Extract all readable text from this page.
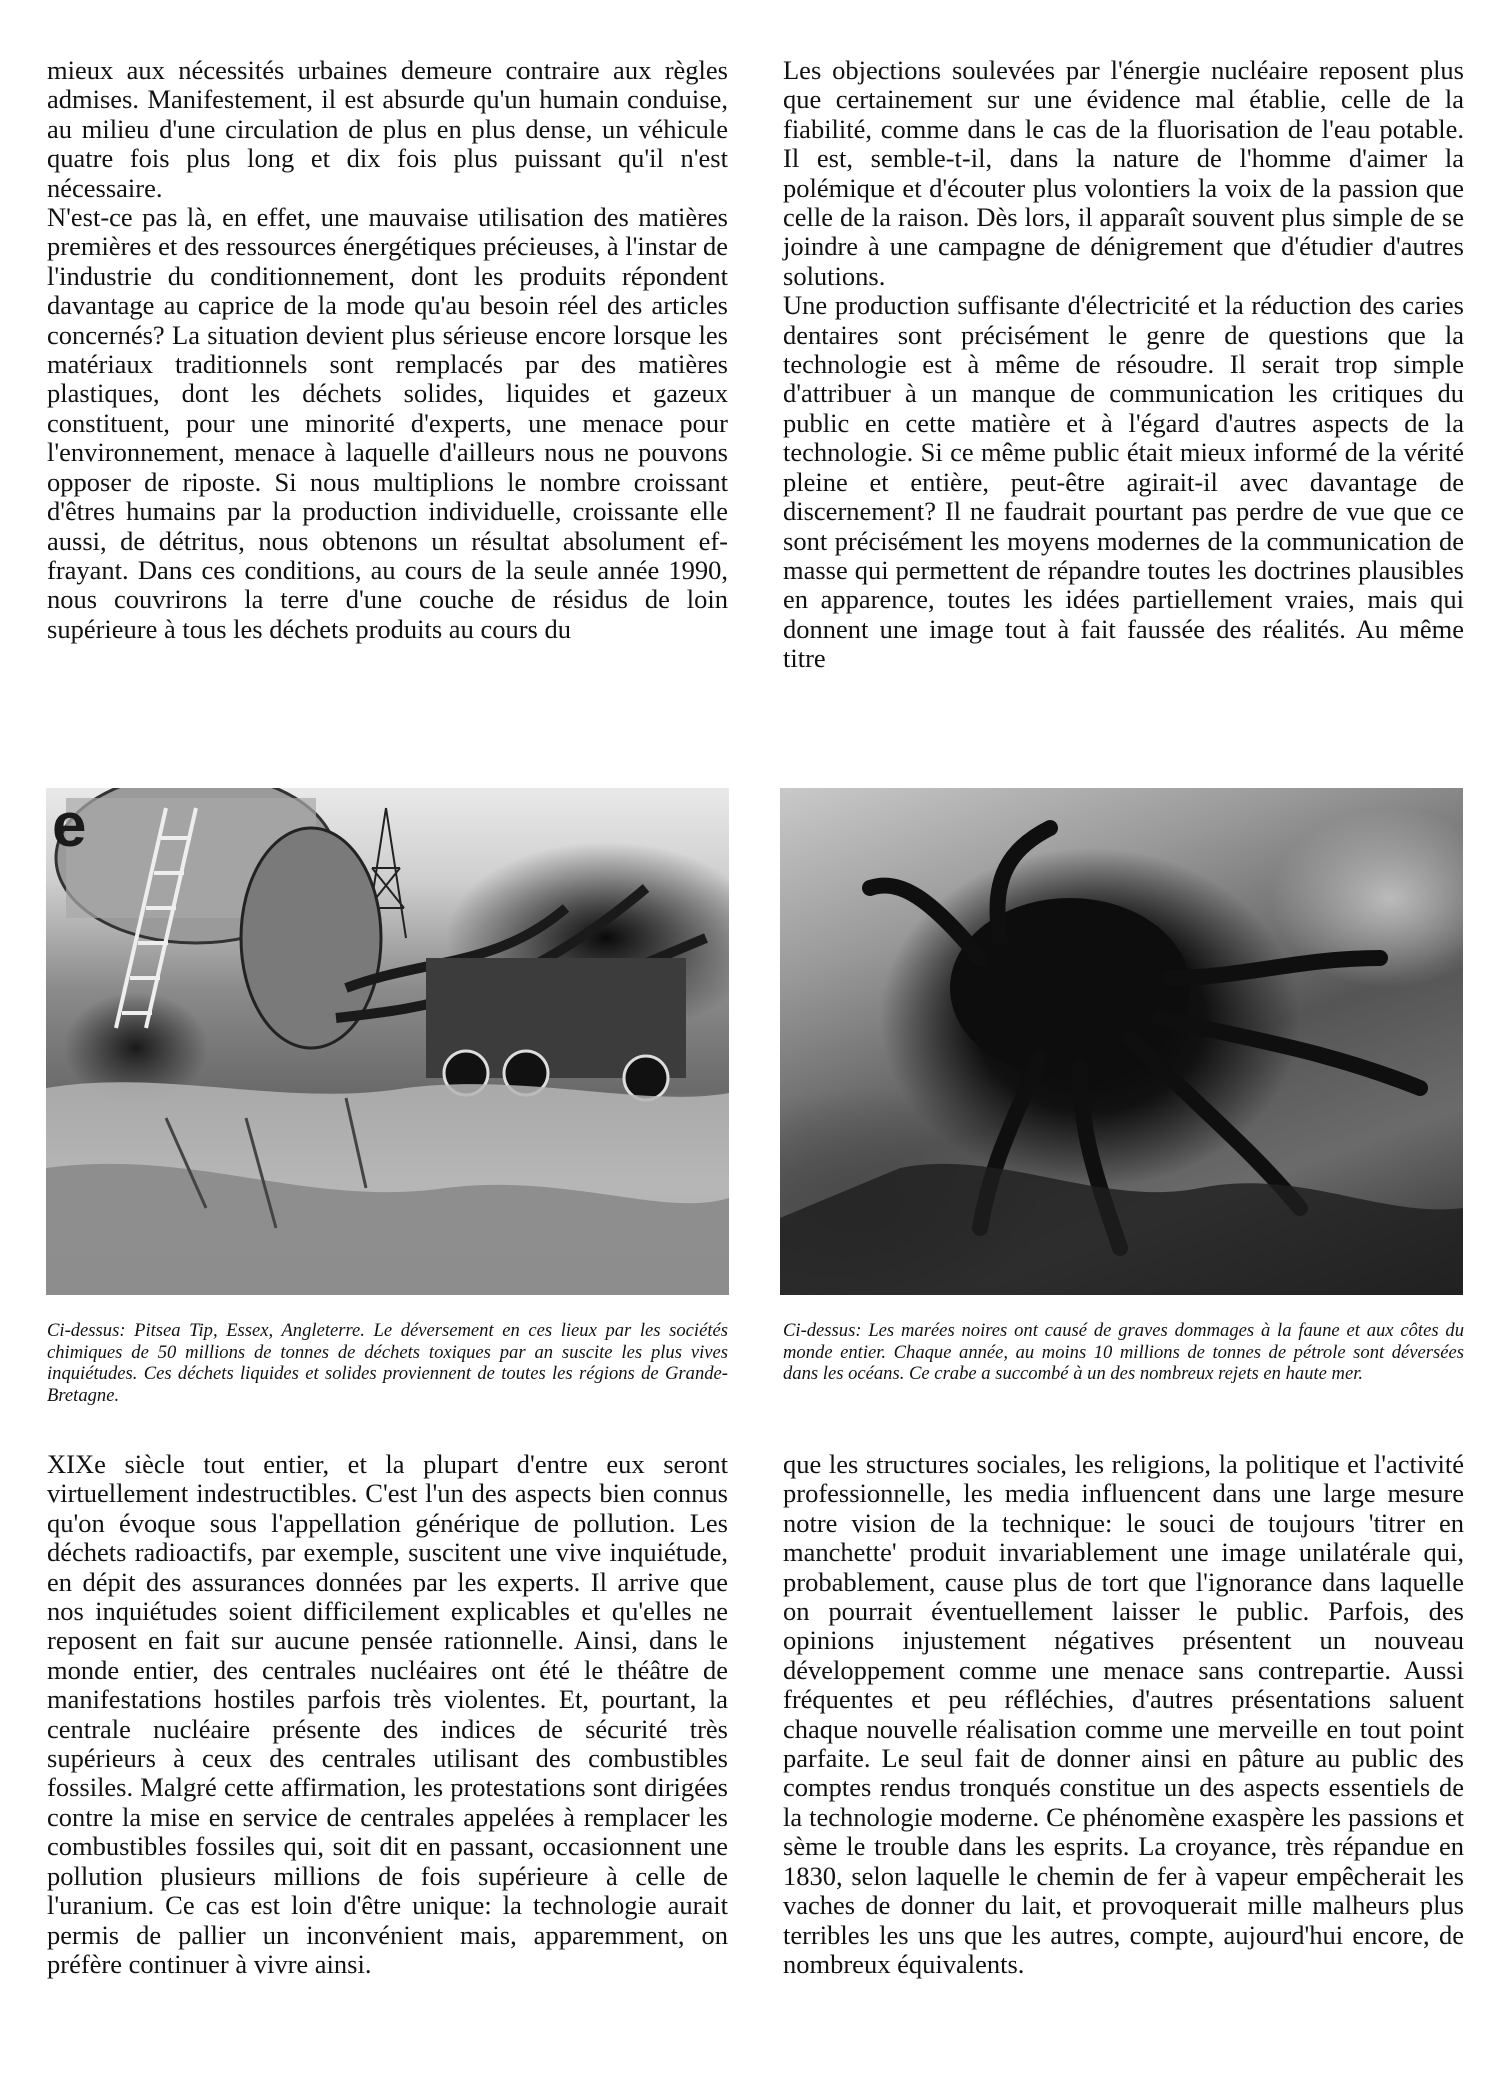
mieux aux nécessités urbaines demeure contraire aux règles admises. Manifestement, il est absurde qu'un humain conduise, au milieu d'une circulation de plus en plus dense, un véhicule quatre fois plus long et dix fois plus puissant qu'il n'est nécessaire.

N'est-ce pas là, en effet, une mauvaise utilisation des matières premières et des ressources énergétiques précieuses, à l'instar de l'industrie du conditionnement, dont les produits répondent davantage au caprice de la mode qu'au besoin réel des articles concernés? La situation devient plus sérieuse encore lorsque les matériaux traditionnels sont remplacés par des matières plastiques, dont les déchets solides, liquides et gazeux constituent, pour une minorité d'experts, une menace pour l'environnement, menace à laquelle d'ailleurs nous ne pouvons opposer de riposte. Si nous multiplions le nombre croissant d'êtres humains par la production individuelle, croissante elle aussi, de détritus, nous obtenons un résultat absolument effrayant. Dans ces conditions, au cours de la seule année 1990, nous couvrirons la terre d'une couche de résidus de loin supérieure à tous les déchets produits au cours du

Les objections soulevées par l'énergie nucléaire reposent plus que certainement sur une évidence mal établie, celle de la fiabilité, comme dans le cas de la fluorisation de l'eau potable. Il est, semble-t-il, dans la nature de l'homme d'aimer la polémique et d'écouter plus volontiers la voix de la passion que celle de la raison. Dès lors, il apparaît souvent plus simple de se joindre à une campagne de dénigrement que d'étudier d'autres solutions.

Une production suffisante d'électricité et la réduction des caries dentaires sont précisément le genre de questions que la technologie est à même de résoudre. Il serait trop simple d'attribuer à un manque de communication les critiques du public en cette matière et à l'égard d'autres aspects de la technologie. Si ce même public était mieux informé de la vérité pleine et entière, peut-être agirait-il avec davantage de discernement? Il ne faudrait pourtant pas perdre de vue que ce sont précisément les moyens modernes de la communication de masse qui permettent de répandre toutes les doctrines plausibles en apparence, toutes les idées partiellement vraies, mais qui donnent une image tout à fait faussée des réalités. Au même titre

e

Ci-dessus: Pitsea Tip, Essex, Angleterre. Le déversement en ces lieux par les sociétés chimiques de 50 millions de tonnes de déchets toxiques par an suscite les plus vives inquiétudes. Ces déchets liquides et solides proviennent de toutes les régions de Grande-Bretagne.

Ci-dessus: Les marées noires ont causé de graves dommages à la faune et aux côtes du monde entier. Chaque année, au moins 10 millions de tonnes de pétrole sont déversées dans les océans. Ce crabe a succombé à un des nombreux rejets en haute mer.

XIXe siècle tout entier, et la plupart d'entre eux seront virtuellement indestructibles. C'est l'un des aspects bien connus qu'on évoque sous l'appellation générique de pollution. Les déchets radioactifs, par exemple, suscitent une vive inquiétude, en dépit des assurances données par les experts. Il arrive que nos inquiétudes soient difficilement explicables et qu'elles ne reposent en fait sur aucune pensée rationnelle. Ainsi, dans le monde entier, des centrales nucléaires ont été le théâtre de manifestations hostiles parfois très violentes. Et, pourtant, la centrale nucléaire présente des indices de sécurité très supérieurs à ceux des centrales utilisant des combustibles fossiles. Malgré cette affirmation, les protestations sont dirigées contre la mise en service de centrales appelées à remplacer les combustibles fossiles qui, soit dit en passant, occasionnent une pollution plusieurs millions de fois supérieure à celle de l'uranium. Ce cas est loin d'être unique: la technologie aurait permis de pallier un inconvénient mais, apparemment, on préfère continuer à vivre ainsi.

que les structures sociales, les religions, la politique et l'activité professionnelle, les media influencent dans une large mesure notre vision de la technique: le souci de toujours 'titrer en manchette' produit invariablement une image unilatérale qui, probablement, cause plus de tort que l'ignorance dans laquelle on pourrait éventuellement laisser le public. Parfois, des opinions injustement négatives présentent un nouveau développement comme une menace sans contrepartie. Aussi fréquentes et peu réfléchies, d'autres présentations saluent chaque nouvelle réalisation comme une merveille en tout point parfaite. Le seul fait de donner ainsi en pâture au public des comptes rendus tronqués constitue un des aspects essentiels de la technologie moderne. Ce phénomène exaspère les passions et sème le trouble dans les esprits. La croyance, très répandue en 1830, selon laquelle le chemin de fer à vapeur empêcherait les vaches de donner du lait, et provoquerait mille malheurs plus terribles les uns que les autres, compte, aujourd'hui encore, de nombreux équivalents.
